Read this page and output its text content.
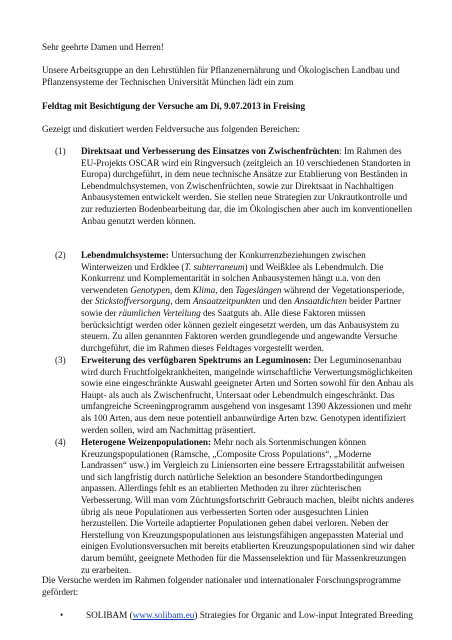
Sehr geehrte Damen und Herren!

Unsere Arbeitsgruppe an den Lehrstühlen für Pflanzenernährung und Ökologischen Landbau und Pflanzensysteme der Technischen Universität München lädt ein zum

Feldtag mit Besichtigung der Versuche am Di, 9.07.2013 in Freising

Gezeigt und diskutiert werden Feldversuche aus folgenden Bereichen:

(1) Direktsaat und Verbesserung des Einsatzes von Zwischenfrüchten: Im Rahmen des EU-Projekts OSCAR wird ein Ringversuch (zeitgleich an 10 verschiedenen Standorten in Europa) durchgeführt, in dem neue technische Ansätze zur Etablierung von Beständen in Lebendmulchsystemen, von Zwischenfrüchten, sowie zur Direktsaat in Nachhaltigen Anbausystemen entwickelt werden. Sie stellen neue Strategien zur Unkrautkontrolle und zur reduzierten Bodenbearbeitung dar, die im Ökologischen aber auch im konventionellen Anbau genutzt werden können.
(2) Lebendmulchsysteme: Untersuchung der Konkurrenzbeziehungen zwischen Winterweizen und Erdklee (T. subterraneum) und Weißklee als Lebendmulch. Die Konkurrenz und Komplementarität in solchen Anbausystemen hängt u.a. von den verwendeten Genotypen, dem Klima, den Tageslängen während der Vegetationsperiode, der Stickstoffversorgung, dem Ansaatzeitpunkten und den Ansaatdichten beider Partner sowie der räumlichen Verteilung des Saatguts ab. Alle diese Faktoren müssen berücksichtigt werden oder können gezielt eingesetzt werden, um das Anbausystem zu steuern. Zu allen genannten Faktoren werden grundlegende und angewandte Versuche durchgeführt, die im Rahmen dieses Feldtages vorgestellt werden.
(3) Erweiterung des verfügbaren Spektrums an Leguminosen: Der Leguminosenanbau wird durch Fruchtfolgekrankheiten, mangelnde wirtschaftliche Verwertungsmöglichkeiten sowie eine eingeschränkte Auswahl geeigneter Arten und Sorten sowohl für den Anbau als Haupt- als auch als Zwischenfrucht, Untersaat oder Lebendmulch eingeschränkt. Das umfangreiche Screeningprogramm ausgehend von insgesamt 1390 Akzessionen und mehr als 100 Arten, aus dem neue potentiell anbauwürdige Arten bzw. Genotypen identifiziert werden sollen, wird am Nachmittag präsentiert.
(4) Heterogene Weizenpopulationen: Mehr noch als Sortenmischungen können Kreuzungspopulationen (Ramsche, „Composite Cross Populations“, „Moderne Landrassen“ usw.) im Vergleich zu Liniensorten eine bessere Ertragsstabilität aufweisen und sich langfristig durch natürliche Selektion an besondere Standortbedingungen anpassen. Allerdings fehlt es an etablierten Methoden zu ihrer züchterischen Verbesserung. Will man vom Züchtungsfortschritt Gebrauch machen, bleibt nichts anderes übrig als neue Populationen aus verbesserten Sorten oder ausgesuchten Linien herzustellen. Die Vorteile adaptierter Populationen gehen dabei verloren. Neben der Herstellung von Kreuzungspopulationen aus leistungsfähigen angepassten Material und einigen Evolutionsversuchen mit bereits etablierten Kreuzungspopulationen sind wir daher darum bemüht, geeignete Methoden für die Massenselektion und für Massenkreuzungen zu erarbeiten.

Die Versuche werden im Rahmen folgender nationaler und internationaler Forschungsprogramme gefördert:

• SOLIBAM (www.solibam.eu) Strategies for Organic and Low-input Integrated Breeding
